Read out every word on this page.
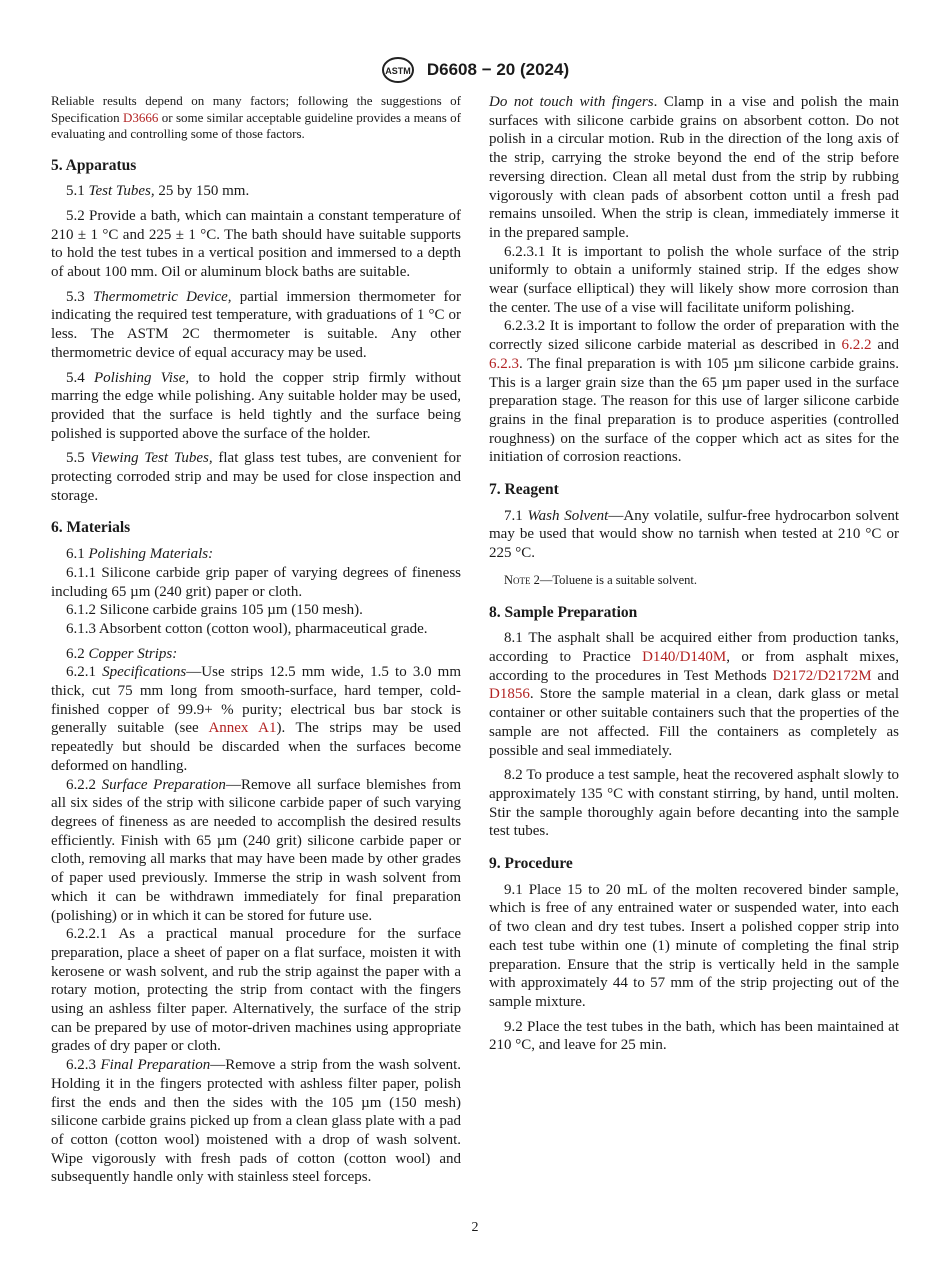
ASTM D6608 − 20 (2024)

Reliable results depend on many factors; following the suggestions of Specification D3666 or some similar acceptable guideline provides a means of evaluating and controlling some of those factors.

5. Apparatus

5.1 Test Tubes, 25 by 150 mm.

5.2 Provide a bath, which can maintain a constant temperature of 210 ± 1 °C and 225 ± 1 °C. The bath should have suitable supports to hold the test tubes in a vertical position and immersed to a depth of about 100 mm. Oil or aluminum block baths are suitable.

5.3 Thermometric Device, partial immersion thermometer for indicating the required test temperature, with graduations of 1 °C or less. The ASTM 2C thermometer is suitable. Any other thermometric device of equal accuracy may be used.

5.4 Polishing Vise, to hold the copper strip firmly without marring the edge while polishing. Any suitable holder may be used, provided that the surface is held tightly and the surface being polished is supported above the surface of the holder.

5.5 Viewing Test Tubes, flat glass test tubes, are convenient for protecting corroded strip and may be used for close inspection and storage.

6. Materials

6.1 Polishing Materials:

6.1.1 Silicone carbide grip paper of varying degrees of fineness including 65 µm (240 grit) paper or cloth.

6.1.2 Silicone carbide grains 105 µm (150 mesh).

6.1.3 Absorbent cotton (cotton wool), pharmaceutical grade.

6.2 Copper Strips:

6.2.1 Specifications—Use strips 12.5 mm wide, 1.5 to 3.0 mm thick, cut 75 mm long from smooth-surface, hard temper, cold-finished copper of 99.9+ % purity; electrical bus bar stock is generally suitable (see Annex A1). The strips may be used repeatedly but should be discarded when the surfaces become deformed on handling.

6.2.2 Surface Preparation—Remove all surface blemishes from all six sides of the strip with silicone carbide paper of such varying degrees of fineness as are needed to accomplish the desired results efficiently. Finish with 65 µm (240 grit) silicone carbide paper or cloth, removing all marks that may have been made by other grades of paper used previously. Immerse the strip in wash solvent from which it can be withdrawn immediately for final preparation (polishing) or in which it can be stored for future use.

6.2.2.1 As a practical manual procedure for the surface preparation, place a sheet of paper on a flat surface, moisten it with kerosene or wash solvent, and rub the strip against the paper with a rotary motion, protecting the strip from contact with the fingers using an ashless filter paper. Alternatively, the surface of the strip can be prepared by use of motor-driven machines using appropriate grades of dry paper or cloth.

6.2.3 Final Preparation—Remove a strip from the wash solvent. Holding it in the fingers protected with ashless filter paper, polish first the ends and then the sides with the 105 µm (150 mesh) silicone carbide grains picked up from a clean glass plate with a pad of cotton (cotton wool) moistened with a drop of wash solvent. Wipe vigorously with fresh pads of cotton (cotton wool) and subsequently handle only with stainless steel forceps.

Do not touch with fingers. Clamp in a vise and polish the main surfaces with silicone carbide grains on absorbent cotton. Do not polish in a circular motion. Rub in the direction of the long axis of the strip, carrying the stroke beyond the end of the strip before reversing direction. Clean all metal dust from the strip by rubbing vigorously with clean pads of absorbent cotton until a fresh pad remains unsoiled. When the strip is clean, immediately immerse it in the prepared sample.

6.2.3.1 It is important to polish the whole surface of the strip uniformly to obtain a uniformly stained strip. If the edges show wear (surface elliptical) they will likely show more corrosion than the center. The use of a vise will facilitate uniform polishing.

6.2.3.2 It is important to follow the order of preparation with the correctly sized silicone carbide material as described in 6.2.2 and 6.2.3. The final preparation is with 105 µm silicone carbide grains. This is a larger grain size than the 65 µm paper used in the surface preparation stage. The reason for this use of larger silicone carbide grains in the final preparation is to produce asperities (controlled roughness) on the surface of the copper which act as sites for the initiation of corrosion reactions.

7. Reagent

7.1 Wash Solvent—Any volatile, sulfur-free hydrocarbon solvent may be used that would show no tarnish when tested at 210 °C or 225 °C.

Note 2—Toluene is a suitable solvent.

8. Sample Preparation

8.1 The asphalt shall be acquired either from production tanks, according to Practice D140/D140M, or from asphalt mixes, according to the procedures in Test Methods D2172/D2172M and D1856. Store the sample material in a clean, dark glass or metal container or other suitable containers such that the properties of the sample are not affected. Fill the containers as completely as possible and seal immediately.

8.2 To produce a test sample, heat the recovered asphalt slowly to approximately 135 °C with constant stirring, by hand, until molten. Stir the sample thoroughly again before decanting into the sample test tubes.

9. Procedure

9.1 Place 15 to 20 mL of the molten recovered binder sample, which is free of any entrained water or suspended water, into each of two clean and dry test tubes. Insert a polished copper strip into each test tube within one (1) minute of completing the final strip preparation. Ensure that the strip is vertically held in the sample with approximately 44 to 57 mm of the strip projecting out of the sample mixture.

9.2 Place the test tubes in the bath, which has been maintained at 210 °C, and leave for 25 min.

2
